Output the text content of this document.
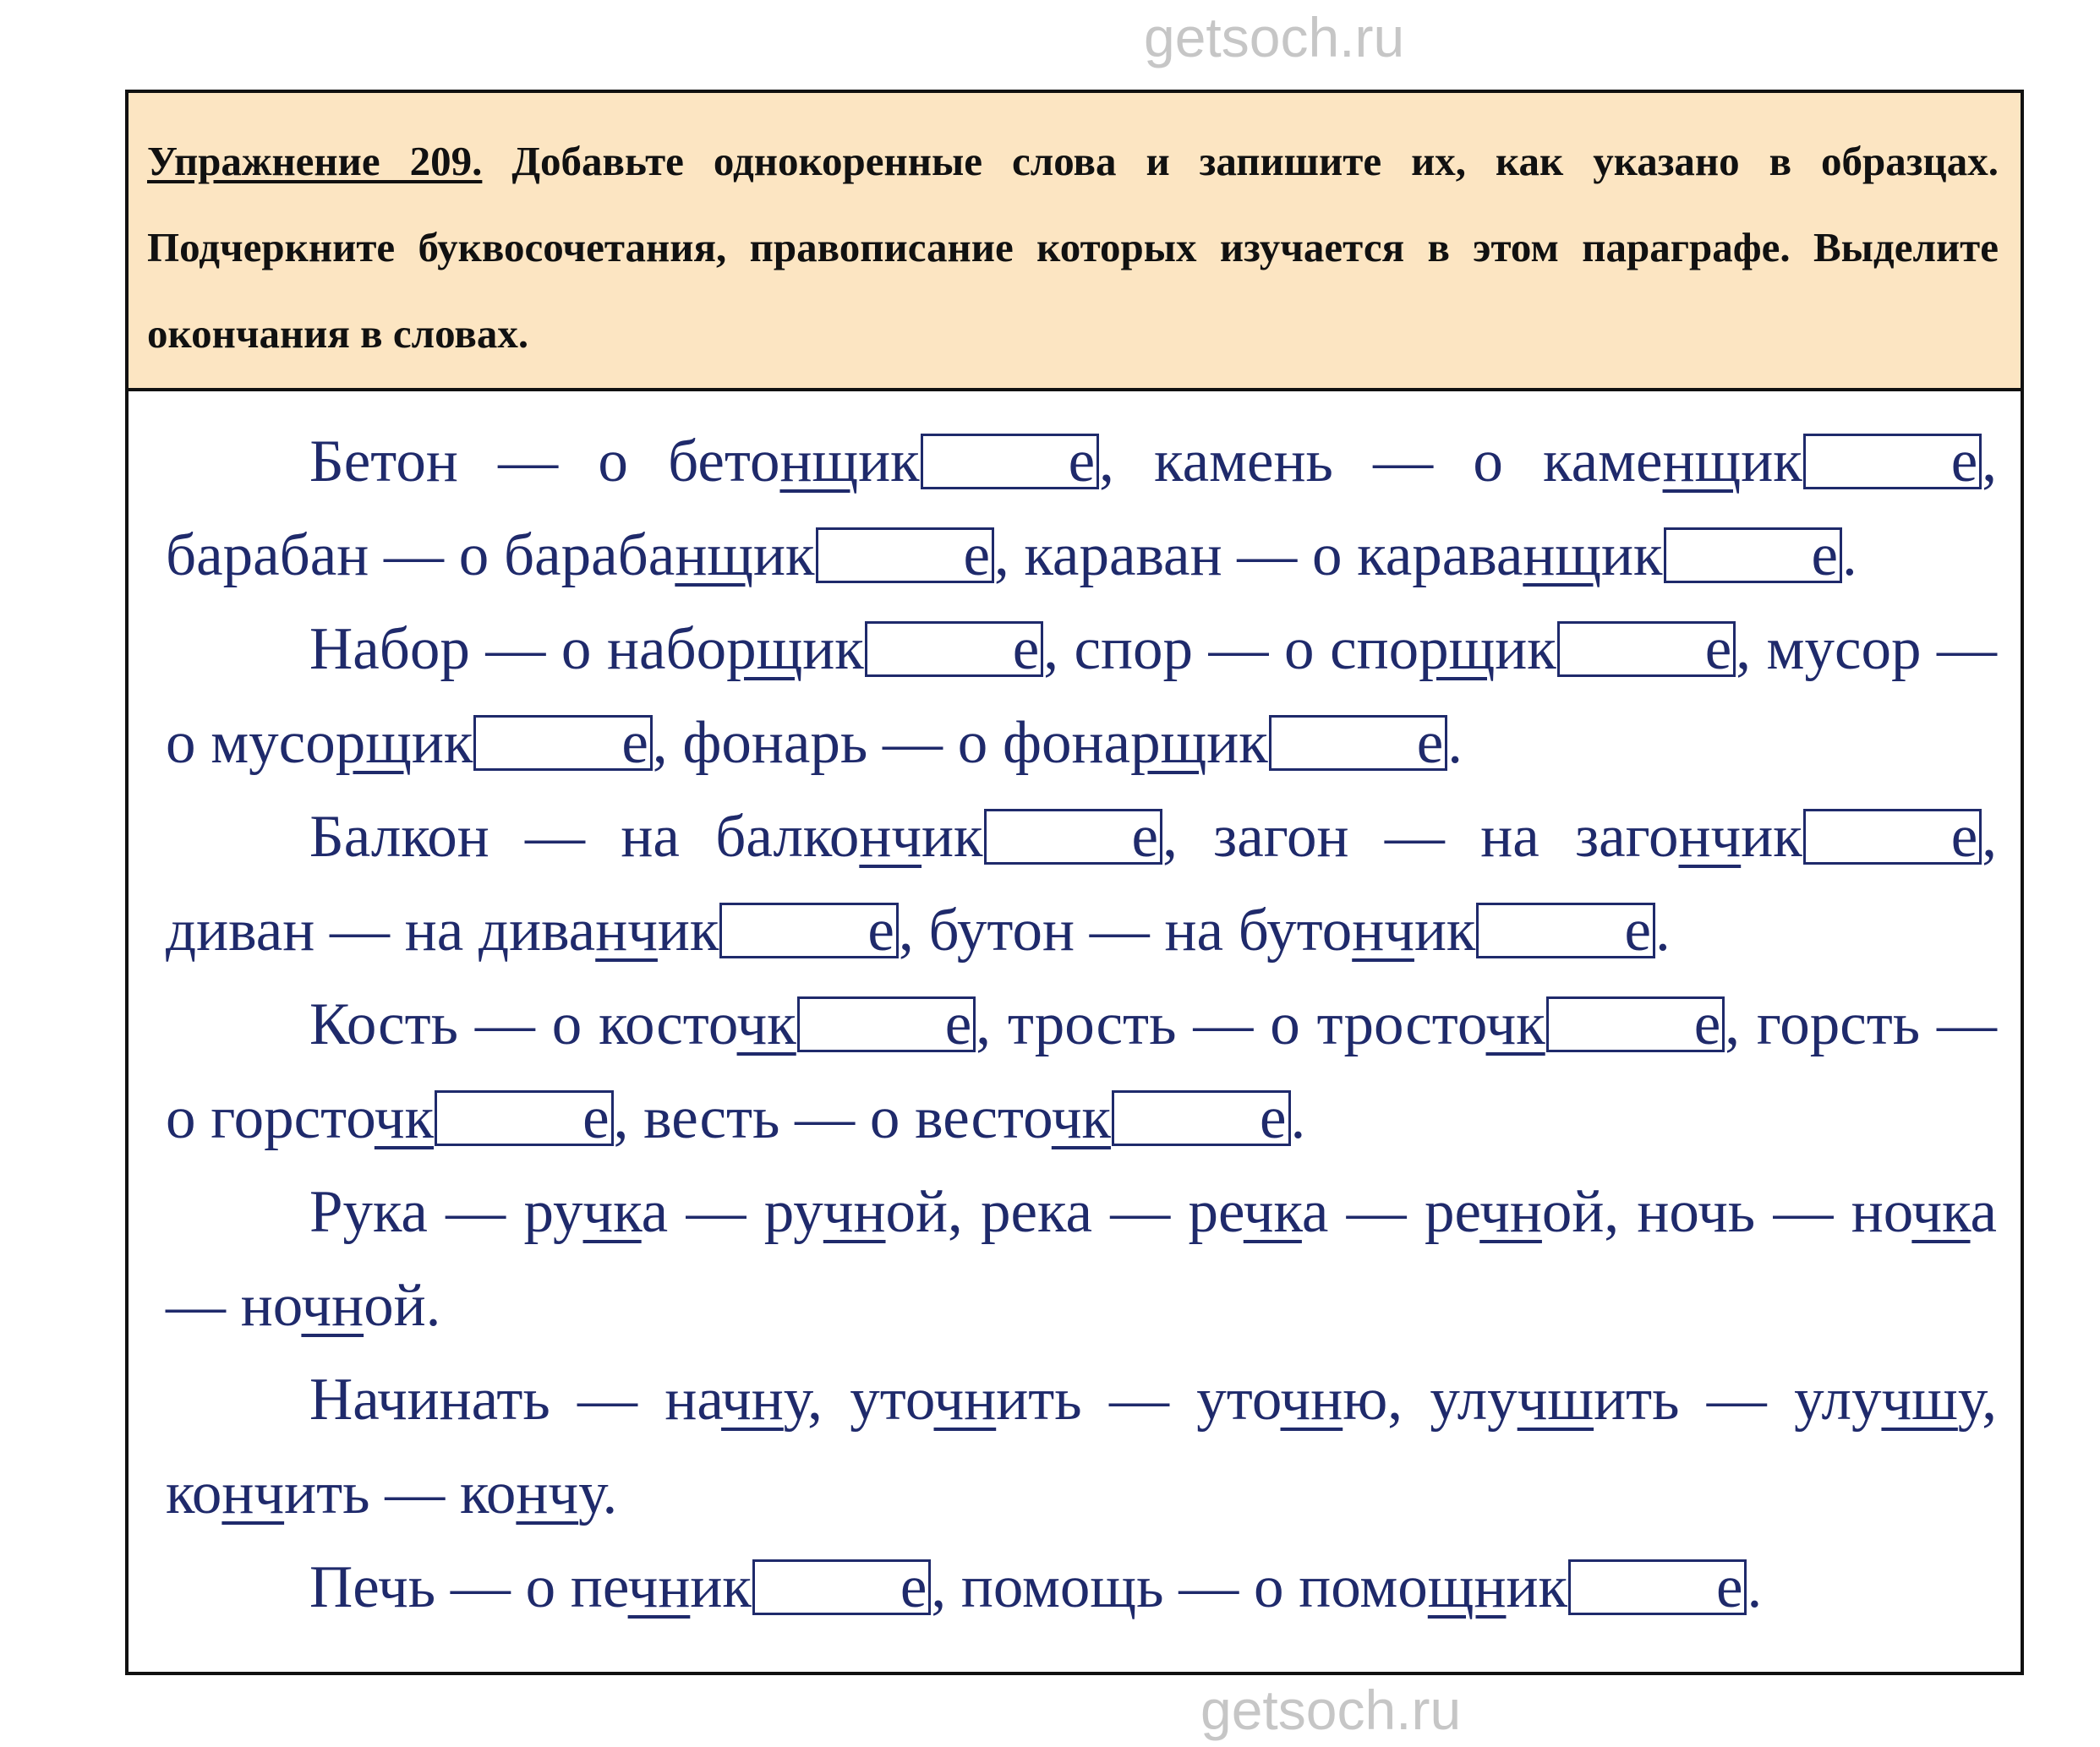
getsoch.ru

Упражнение 209. Добавьте однокоренные слова и запишите их, как указано в образцах. Подчеркните буквосочетания, правописание которых изучается в этом параграфе. Выделите окончания в словах.

Бетон — о бетонщик е, камень — о каменщик е, барабан — о барабанщик е, караван — о караванщик е.

Набор — о наборщик е, спор — о спорщик е, мусор — о мусорщик е, фонарь — о фонарщик е.

Балкон — на балкончик е, загон — на загончик е, диван — на диванчик е, бутон — на бутончик е.

Кость — о косточк е, трость — о тросточк е, горсть — о горсточк е, весть — о весточк е.

Рука — ручка — ручной, река — речка — речной, ночь — ночка — ночной.

Начинать — начну, уточнить — уточню, улучшить — улучшу, кончить — кончу.

Печь — о печник е, помощь — о помощник е.

getsoch.ru
